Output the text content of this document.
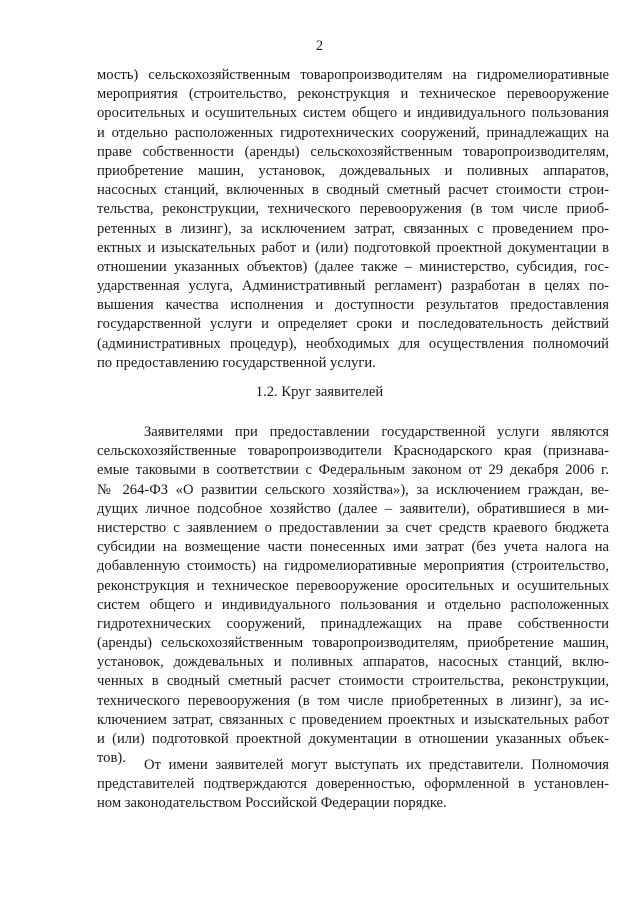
2
мость) сельскохозяйственным товаропроизводителям на гидромелиоративные
мероприятия (строительство, реконструкция и техническое перевооружение
оросительных и осушительных систем общего и индивидуального пользования
и отдельно расположенных гидротехнических сооружений, принадлежащих на
праве собственности (аренды) сельскохозяйственным товаропроизводителям,
приобретение машин, установок, дождевальных и поливных аппаратов,
насосных станций, включенных в сводный сметный расчет стоимости строи-
тельства, реконструкции, технического перевооружения (в том числе приоб-
ретенных в лизинг), за исключением затрат, связанных с проведением про-
ектных и изыскательных работ и (или) подготовкой проектной документации в
отношении указанных объектов) (далее также – министерство, субсидия, гос-
ударственная услуга, Административный регламент) разработан в целях по-
вышения качества исполнения и доступности результатов предоставления
государственной услуги и определяет сроки и последовательность действий
(административных процедур), необходимых для осуществления полномочий
по предоставлению государственной услуги.
1.2. Круг заявителей
Заявителями при предоставлении государственной услуги являются
сельскохозяйственные товаропроизводители Краснодарского края (признава-
емые таковыми в соответствии с Федеральным законом от 29 декабря 2006 г.
№ 264-ФЗ «О развитии сельского хозяйства»), за исключением граждан, ве-
дущих личное подсобное хозяйство (далее – заявители), обратившиеся в ми-
нистерство с заявлением о предоставлении за счет средств краевого бюджета
субсидии на возмещение части понесенных ими затрат (без учета налога на
добавленную стоимость) на гидромелиоративные мероприятия (строительство,
реконструкция и техническое перевооружение оросительных и осушительных
систем общего и индивидуального пользования и отдельно расположенных
гидротехнических сооружений, принадлежащих на праве собственности
(аренды) сельскохозяйственным товаропроизводителям, приобретение машин,
установок, дождевальных и поливных аппаратов, насосных станций, вклю-
ченных в сводный сметный расчет стоимости строительства, реконструкции,
технического перевооружения (в том числе приобретенных в лизинг), за ис-
ключением затрат, связанных с проведением проектных и изыскательных работ
и (или) подготовкой проектной документации в отношении указанных объек-
тов).	От имени заявителей могут выступать их представители. Полномочия
представителей подтверждаются доверенностью, оформленной в установлен-
ном законодательством Российской Федерации порядке.
